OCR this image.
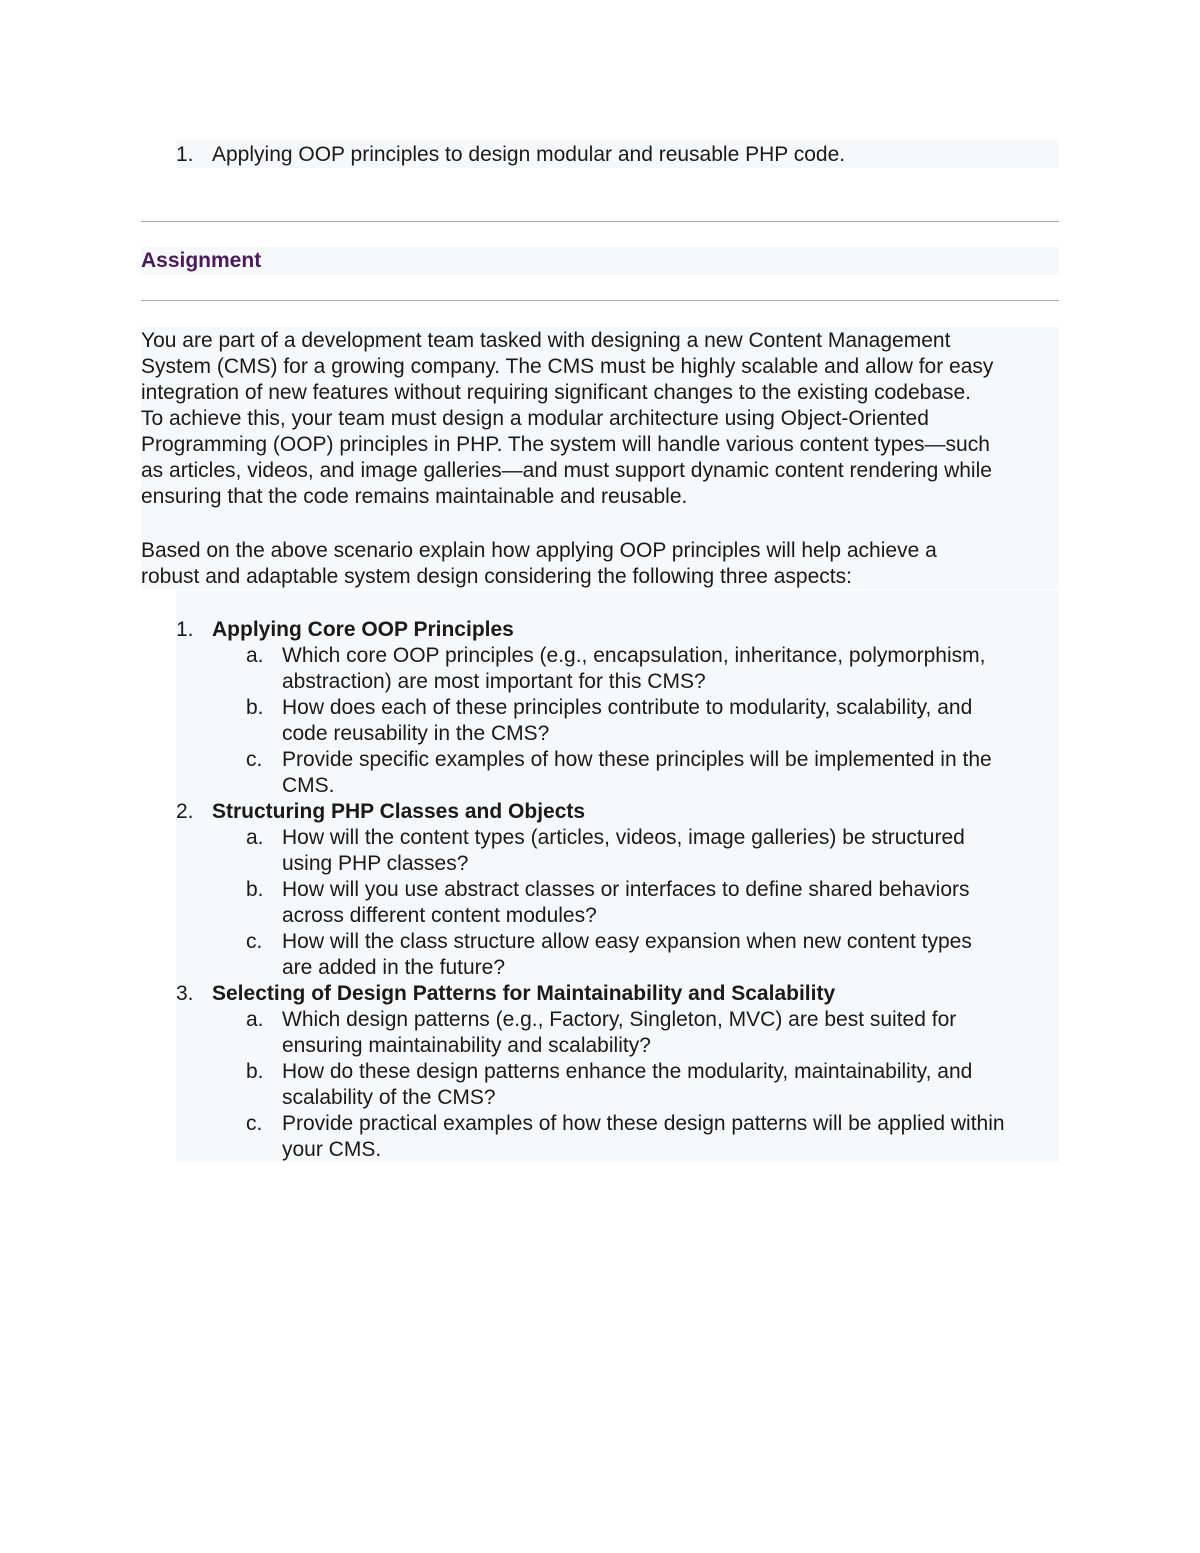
1. Applying OOP principles to design modular and reusable PHP code.
Assignment
You are part of a development team tasked with designing a new Content Management
System (CMS) for a growing company. The CMS must be highly scalable and allow for easy
integration of new features without requiring significant changes to the existing codebase.
To achieve this, your team must design a modular architecture using Object-Oriented
Programming (OOP) principles in PHP. The system will handle various content types—such
as articles, videos, and image galleries—and must support dynamic content rendering while
ensuring that the code remains maintainable and reusable.
Based on the above scenario explain how applying OOP principles will help achieve a
robust and adaptable system design considering the following three aspects:
1. Applying Core OOP Principles
a. Which core OOP principles (e.g., encapsulation, inheritance, polymorphism,
abstraction) are most important for this CMS?
b. How does each of these principles contribute to modularity, scalability, and
code reusability in the CMS?
c. Provide specific examples of how these principles will be implemented in the
CMS.
2. Structuring PHP Classes and Objects
a. How will the content types (articles, videos, image galleries) be structured
using PHP classes?
b. How will you use abstract classes or interfaces to define shared behaviors
across different content modules?
c. How will the class structure allow easy expansion when new content types
are added in the future?
3. Selecting of Design Patterns for Maintainability and Scalability
a. Which design patterns (e.g., Factory, Singleton, MVC) are best suited for
ensuring maintainability and scalability?
b. How do these design patterns enhance the modularity, maintainability, and
scalability of the CMS?
c. Provide practical examples of how these design patterns will be applied within
your CMS.
